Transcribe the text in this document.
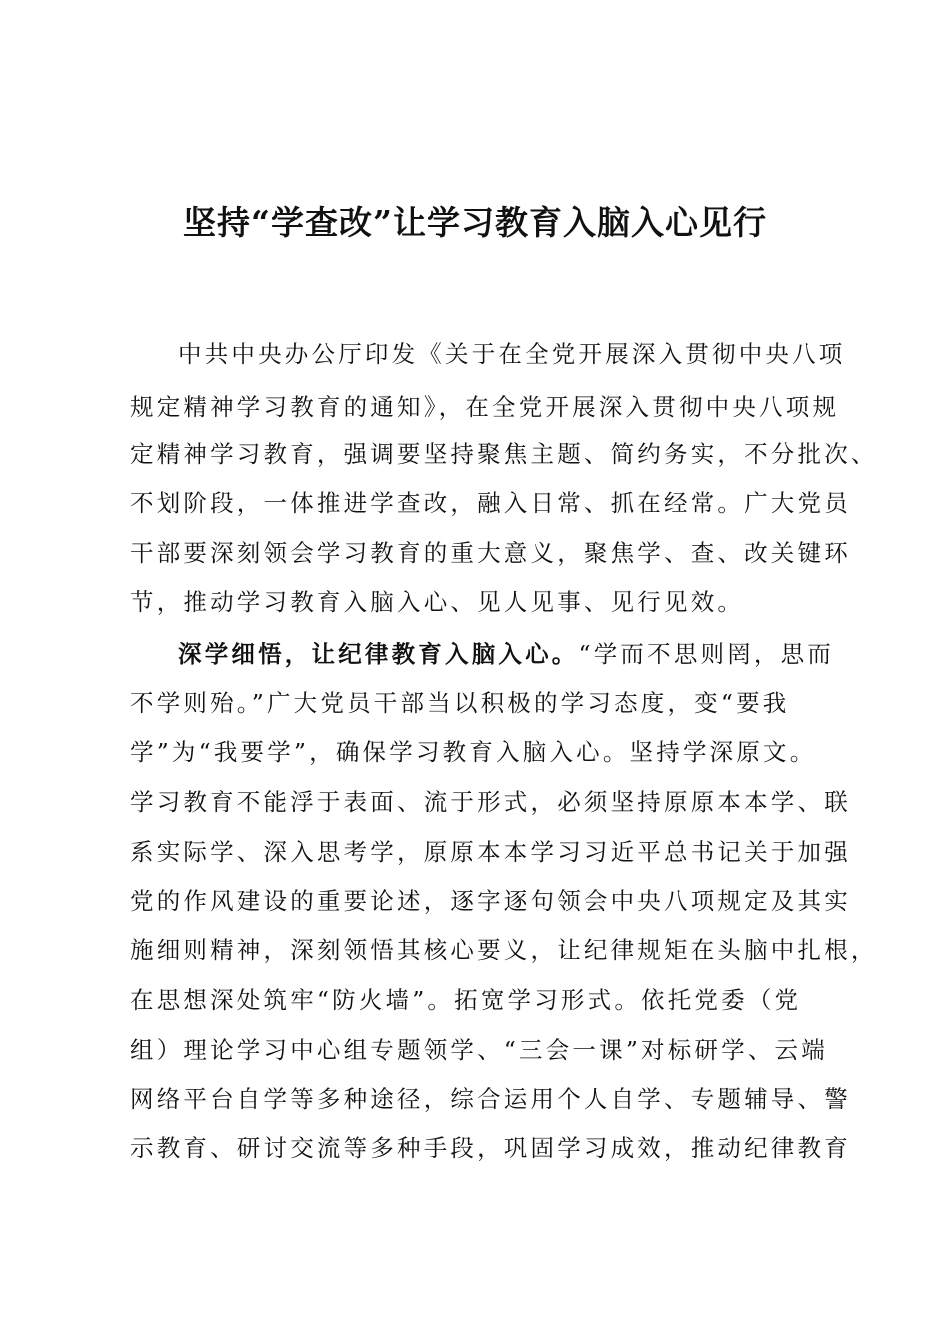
坚持“学查改”让学习教育入脑入心见行
中共中央办公厅印发《关于在全党开展深入贯彻中央八项
规定精神学习教育的通知》，在全党开展深入贯彻中央八项规
定精神学习教育，强调要坚持聚焦主题、简约务实，不分批次、
不划阶段，一体推进学查改，融入日常、抓在经常。广大党员
干部要深刻领会学习教育的重大意义，聚焦学、查、改关键环
节，推动学习教育入脑入心、见人见事、见行见效。
深学细悟，让纪律教育入脑入心。“学而不思则罔，思而
不学则殆。”广大党员干部当以积极的学习态度，变“要我
学”为“我要学”，确保学习教育入脑入心。坚持学深原文。
学习教育不能浮于表面、流于形式，必须坚持原原本本学、联
系实际学、深入思考学，原原本本学习习近平总书记关于加强
党的作风建设的重要论述，逐字逐句领会中央八项规定及其实
施细则精神，深刻领悟其核心要义，让纪律规矩在头脑中扎根，
在思想深处筑牢“防火墙”。拓宽学习形式。依托党委（党
组）理论学习中心组专题领学、“三会一课”对标研学、云端
网络平台自学等多种途径，综合运用个人自学、专题辅导、警
示教育、研讨交流等多种手段，巩固学习成效，推动纪律教育
